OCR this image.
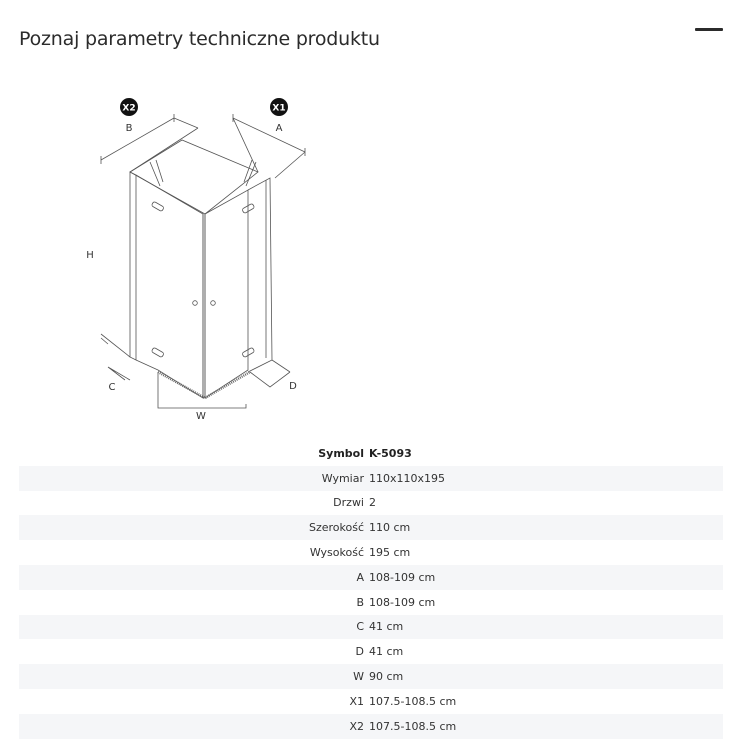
Poznaj parametry techniczne produktu
X2	X1
B	A
H
C	D
W
Symbol K-5093
Wymiar 110x110x195
Drzwi 2
Szerokość 110 cm
Wysokość 195 cm
A 108-109 cm
B 108-109 cm
C 41 cm
D 41 cm
W 90 cm
X1 107.5-108.5 cm
X2 107.5-108.5 cm
